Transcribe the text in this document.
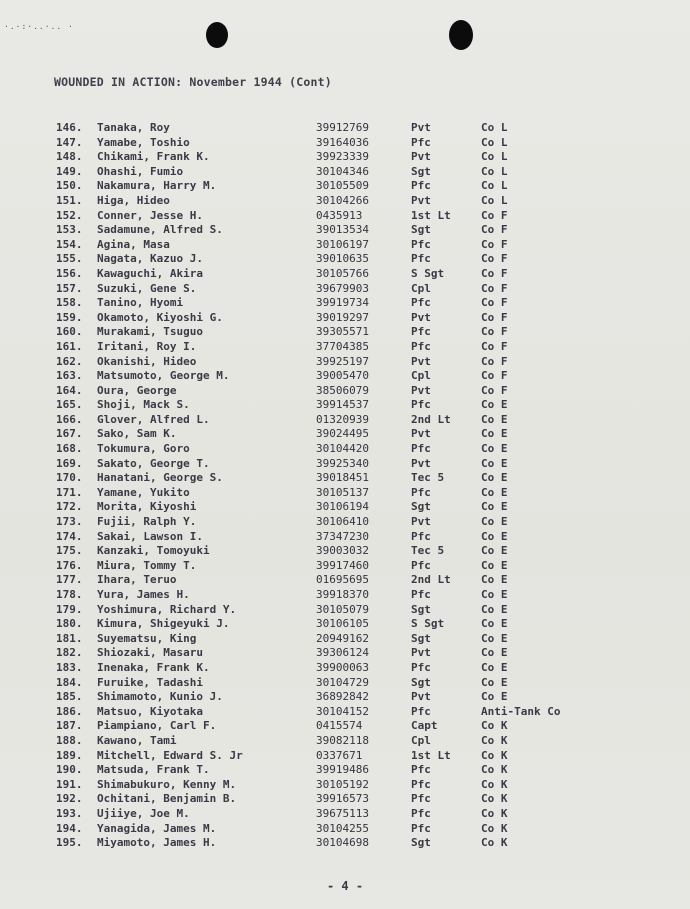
·.·:·..·.. ·
WOUNDED IN ACTION: November 1944 (Cont)
146.	Tanaka, Roy	39912769	Pvt	Co L
147.	Yamabe, Toshio	39164036	Pfc	Co L
148.	Chikami, Frank K.	39923339	Pvt	Co L
149.	Ohashi, Fumio	30104346	Sgt	Co L
150.	Nakamura, Harry M.	30105509	Pfc	Co L
151.	Higa, Hideo	30104266	Pvt	Co L
152.	Conner, Jesse H.	0435913	1st Lt	Co F
153.	Sadamune, Alfred S.	39013534	Sgt	Co F
154.	Agina, Masa	30106197	Pfc	Co F
155.	Nagata, Kazuo J.	39010635	Pfc	Co F
156.	Kawaguchi, Akira	30105766	S Sgt	Co F
157.	Suzuki, Gene S.	39679903	Cpl	Co F
158.	Tanino, Hyomi	39919734	Pfc	Co F
159.	Okamoto, Kiyoshi G.	39019297	Pvt	Co F
160.	Murakami, Tsuguo	39305571	Pfc	Co F
161.	Iritani, Roy I.	37704385	Pfc	Co F
162.	Okanishi, Hideo	39925197	Pvt	Co F
163.	Matsumoto, George M.	39005470	Cpl	Co F
164.	Oura, George	38506079	Pvt	Co F
165.	Shoji, Mack S.	39914537	Pfc	Co E
166.	Glover, Alfred L.	01320939	2nd Lt	Co E
167.	Sako, Sam K.	39024495	Pvt	Co E
168.	Tokumura, Goro	30104420	Pfc	Co E
169.	Sakato, George T.	39925340	Pvt	Co E
170.	Hanatani, George S.	39018451	Tec 5	Co E
171.	Yamane, Yukito	30105137	Pfc	Co E
172.	Morita, Kiyoshi	30106194	Sgt	Co E
173.	Fujii, Ralph Y.	30106410	Pvt	Co E
174.	Sakai, Lawson I.	37347230	Pfc	Co E
175.	Kanzaki, Tomoyuki	39003032	Tec 5	Co E
176.	Miura, Tommy T.	39917460	Pfc	Co E
177.	Ihara, Teruo	01695695	2nd Lt	Co E
178.	Yura, James H.	39918370	Pfc	Co E
179.	Yoshimura, Richard Y.	30105079	Sgt	Co E
180.	Kimura, Shigeyuki J.	30106105	S Sgt	Co E
181.	Suyematsu, King	20949162	Sgt	Co E
182.	Shiozaki, Masaru	39306124	Pvt	Co E
183.	Inenaka, Frank K.	39900063	Pfc	Co E
184.	Furuike, Tadashi	30104729	Sgt	Co E
185.	Shimamoto, Kunio J.	36892842	Pvt	Co E
186.	Matsuo, Kiyotaka	30104152	Pfc	Anti-Tank Co
187.	Piampiano, Carl F.	0415574	Capt	Co K
188.	Kawano, Tami	39082118	Cpl	Co K
189.	Mitchell, Edward S. Jr	0337671	1st Lt	Co K
190.	Matsuda, Frank T.	39919486	Pfc	Co K
191.	Shimabukuro, Kenny M.	30105192	Pfc	Co K
192.	Ochitani, Benjamin B.	39916573	Pfc	Co K
193.	Ujiiye, Joe M.	39675113	Pfc	Co K
194.	Yanagida, James M.	30104255	Pfc	Co K
195.	Miyamoto, James H.	30104698	Sgt	Co K
- 4 -
